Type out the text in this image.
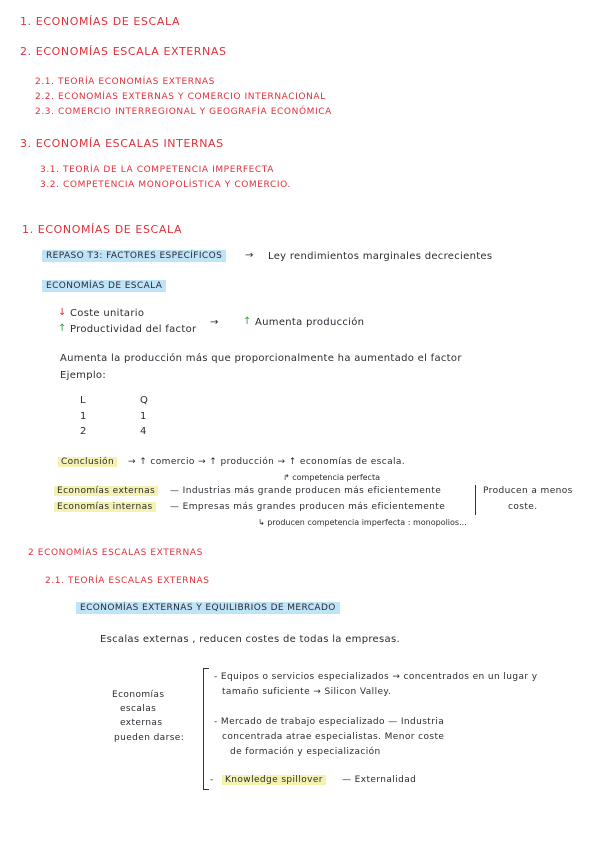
1. ECONOMÍAS DE ESCALA
2. ECONOMÍAS ESCALA EXTERNAS
2.1. TEORÍA ECONOMÍAS EXTERNAS
2.2. ECONOMÍAS EXTERNAS Y COMERCIO INTERNACIONAL
2.3. COMERCIO INTERREGIONAL Y GEOGRAFÍA ECONÓMICA
3. ECONOMÍA ESCALAS INTERNAS
3.1. TEORÍA DE LA COMPETENCIA IMPERFECTA
3.2. COMPETENCIA MONOPOLÍSTICA Y COMERCIO.
1. ECONOMÍAS DE ESCALA
REPASO T3: FACTORES ESPECÍFICOS	→ Ley rendimientos marginales decrecientes
ECONOMÍAS DE ESCALA
↓ Coste unitario
↑ Productividad del factor
→ ↑ Aumenta producción
Aumenta la producción más que proporcionalmente ha aumentado el factor
Ejemplo:
L	Q
1	1
2	4
Conclusión	→ ↑ comercio → ↑ producción → ↑ economías de escala.
↱ competencia perfecta
Economías externas	— Industrias más grande producen más eficientemente
Economías internas	— Empresas más grandes producen más eficientemente
Producen a menos
coste.
↳ producen competencia imperfecta : monopolios...
2 ECONOMÍAS ESCALAS EXTERNAS
2.1. TEORÍA ESCALAS EXTERNAS
ECONOMÍAS EXTERNAS Y EQUILIBRIOS DE MERCADO
Escalas externas , reducen costes de todas la empresas.
Economías
escalas
externas
pueden darse:
- Equipos o servicios especializados → concentrados en un lugar y
tamaño suficiente → Silicon Valley.
- Mercado de trabajo especializado — Industria
concentrada atrae especialistas. Menor coste
de formación y especialización
-	Knowledge spillover	— Externalidad
